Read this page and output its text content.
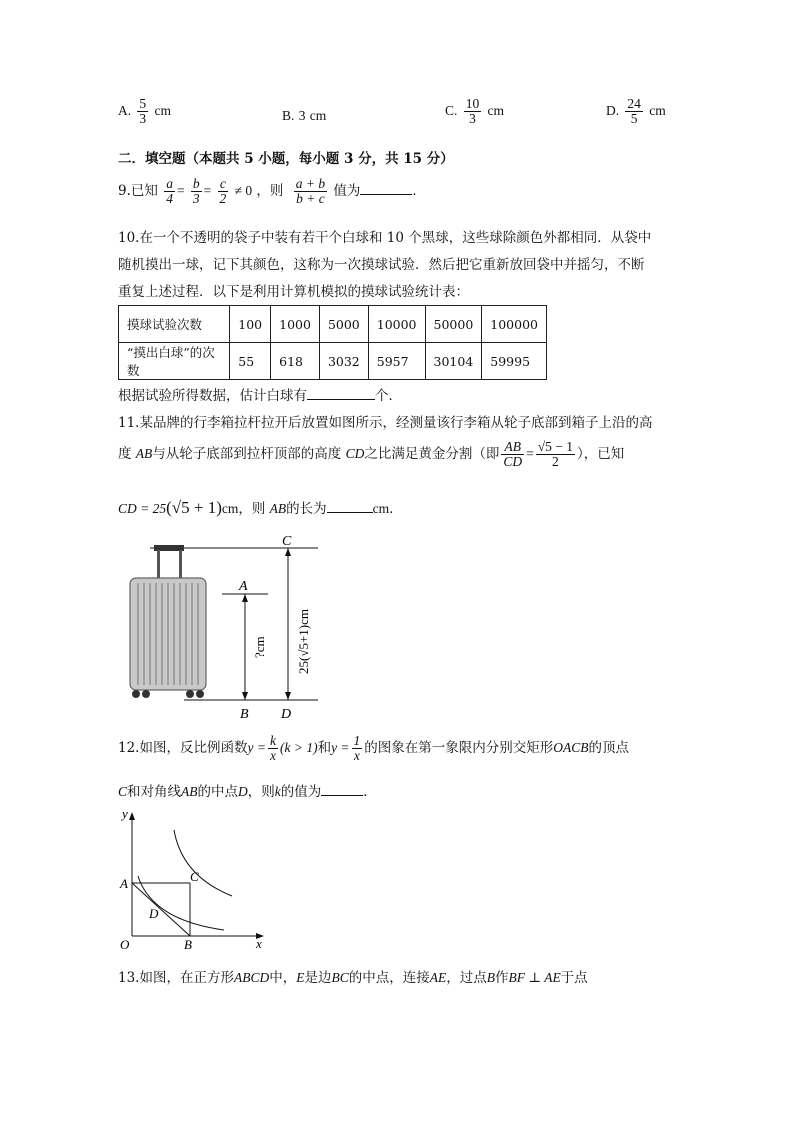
A. $\frac{5}{3}$ cm	B. 3 cm	C. $\frac{10}{3}$ cm	D. $\frac{24}{5}$ cm
二．填空题（本题共 5 小题，每小题 3 分，共 15 分）
9.已知 $\frac{a}{4} = \frac{b}{3} = \frac{c}{2} \ne 0$ ，则 $\frac{a + b}{b + c}$ 值为	．
10.在一个不透明的袋子中装有若干个白球和 10 个黑球，这些球除颜色外都相同．从袋中
随机摸出一球，记下其颜色，这称为一次摸球试验．然后把它重新放回袋中并摇匀，不断
重复上述过程．以下是利用计算机模拟的摸球试验统计表：
摸球试验次数	100	1000	5000	10000	50000	100000
“摸出白球”的次数	55	618	3032	5957	30104	59995
根据试验所得数据，估计白球有	个．
11.某品牌的行李箱拉杆拉开后放置如图所示，经测量该行李箱从轮子底部到箱子上沿的高
度 AB与从轮子底部到拉杆顶部的高度 CD之比满足黄金分割（即 $\frac{AB}{CD} = \frac{√5 - 1}{2}$ ），已知
CD = 25(√5 + 1)cm，则 AB的长为	cm．
C
A
B D
?cm 25(√5+1)cm
12.如图，反比例函数$y = \frac{k}{x} (k > 1)$和$y = \frac{1}{x}$ 的图象在第一象限内分别交矩形OACB的顶点
C和对角线AB的中点D，则k的值为	．
y
x
O
A
B
C
D
13.如图，在正方形ABCD中，E是边BC的中点，连接AE，过点B作BF ⊥ AE于点
